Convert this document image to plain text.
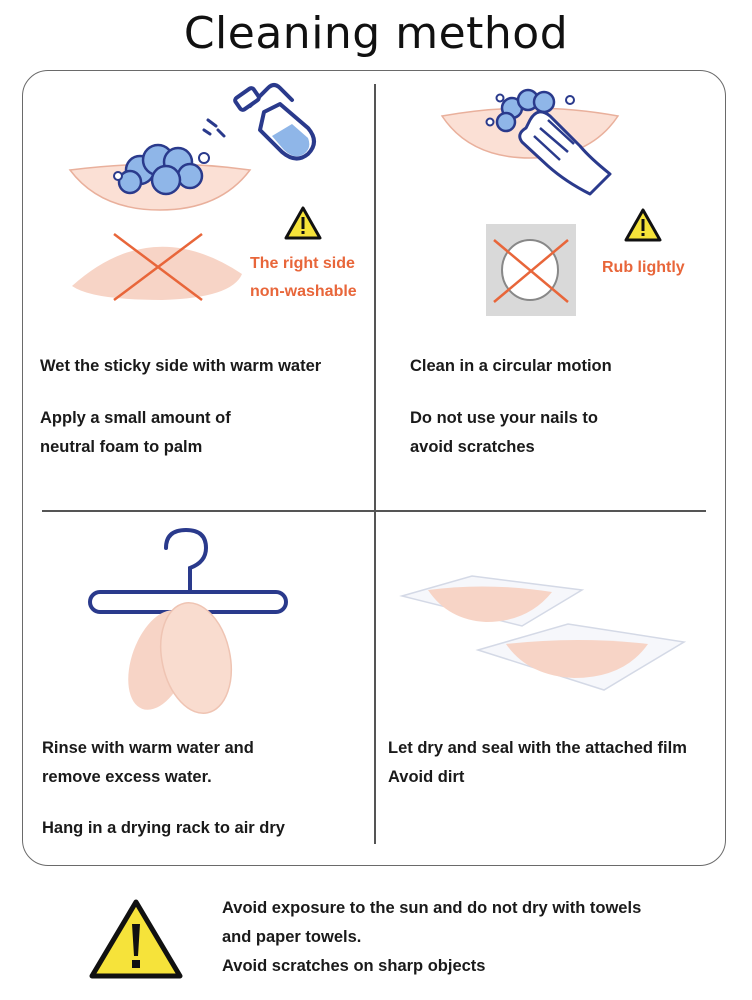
Cleaning method
The right side
non-washable
Wet the sticky side with warm water
Apply a small amount of
neutral foam to palm
Rub lightly
Clean in a circular motion
Do not use your nails to
avoid scratches
Rinse with warm water and
remove excess water.
Hang in a drying rack to air dry
Let dry and seal with the attached film
Avoid dirt
Avoid exposure to the sun and do not dry with towels
and paper towels.
Avoid scratches on sharp objects
